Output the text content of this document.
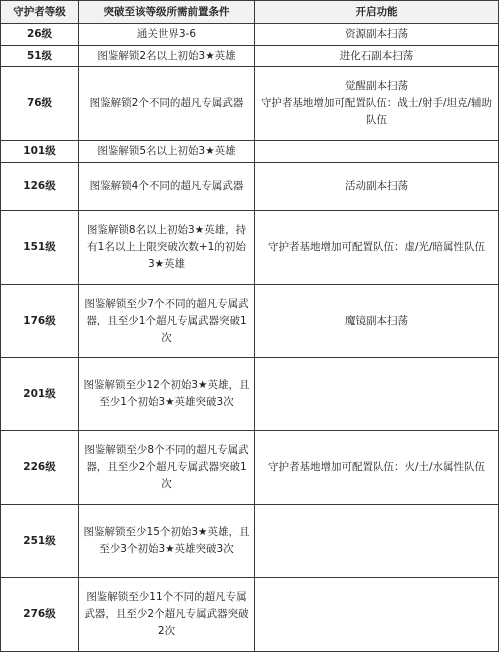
守护者等级	突破至该等级所需前置条件	开启功能
26级	通关世界3-6	资源副本扫荡
51级	图鉴解锁2名以上初始3★英雄	进化石副本扫荡
76级	图鉴解锁2个不同的超凡专属武器	觉醒副本扫荡
守护者基地增加可配置队伍：战士/射手/坦克/辅助队伍
101级	图鉴解锁5名以上初始3★英雄	
126级	图鉴解锁4个不同的超凡专属武器	活动副本扫荡
151级	图鉴解锁8名以上初始3★英雄，持有1名以上上限突破次数+1的初始3★英雄	守护者基地增加可配置队伍：虚/光/暗属性队伍
176级	图鉴解锁至少7个不同的超凡专属武器，且至少1个超凡专属武器突破1次	魔镜副本扫荡
201级	图鉴解锁至少12个初始3★英雄，且至少1个初始3★英雄突破3次	
226级	图鉴解锁至少8个不同的超凡专属武器，且至少2个超凡专属武器突破1次	守护者基地增加可配置队伍：火/土/水属性队伍
251级	图鉴解锁至少15个初始3★英雄，且至少3个初始3★英雄突破3次	
276级	图鉴解锁至少11个不同的超凡专属武器，且至少2个超凡专属武器突破2次	
